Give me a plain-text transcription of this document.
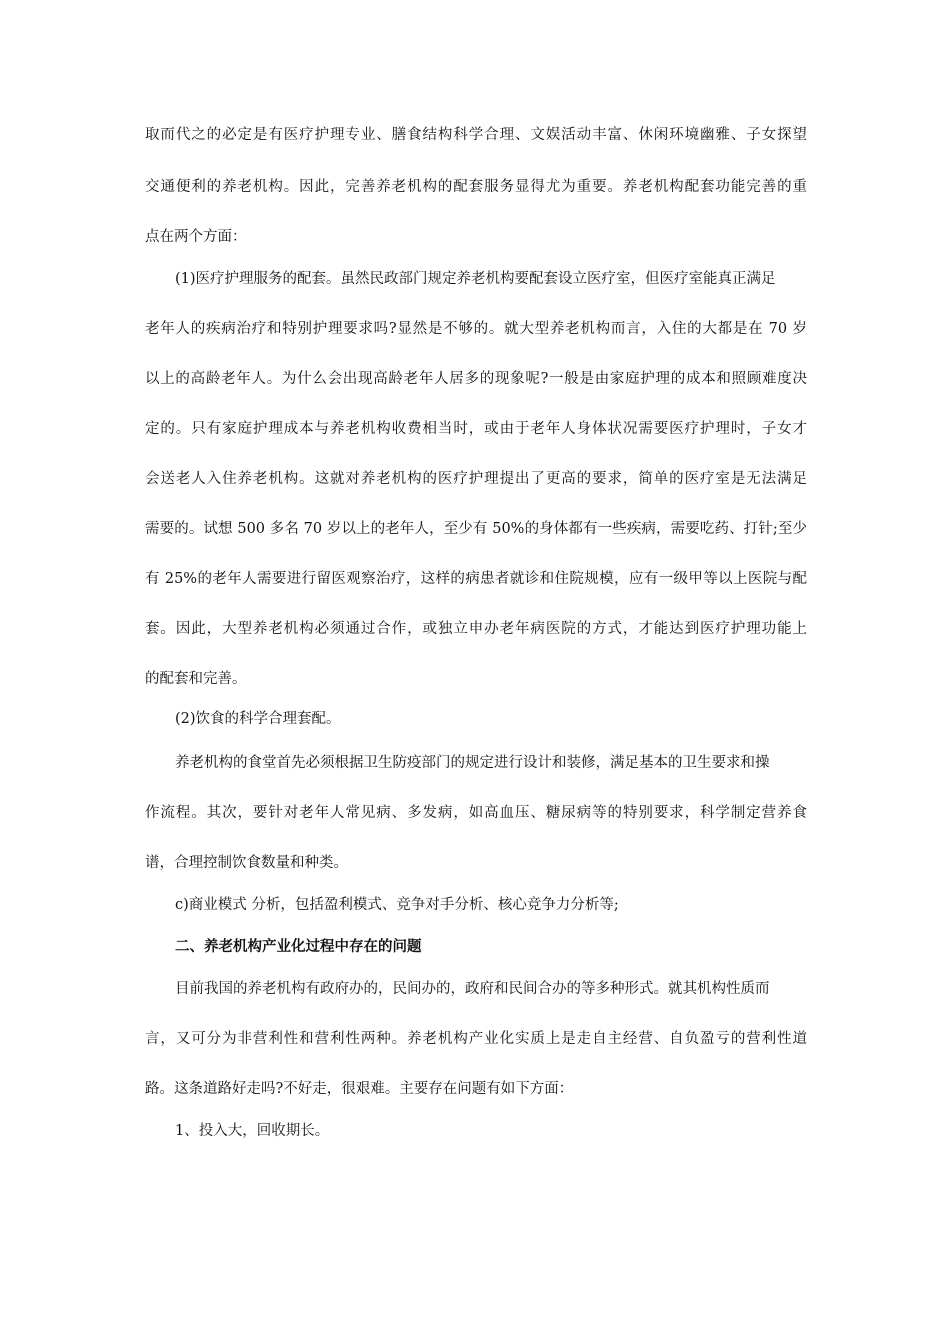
取而代之的必定是有医疗护理专业、膳食结构科学合理、文娱活动丰富、休闲环境幽雅、子女探望
交通便利的养老机构。因此，完善养老机构的配套服务显得尤为重要。养老机构配套功能完善的重
点在两个方面：
(1)医疗护理服务的配套。虽然民政部门规定养老机构要配套设立医疗室，但医疗室能真正满足
老年人的疾病治疗和特别护理要求吗?显然是不够的。就大型养老机构而言，入住的大都是在 70 岁
以上的高龄老年人。为什么会出现高龄老年人居多的现象呢?一般是由家庭护理的成本和照顾难度决
定的。只有家庭护理成本与养老机构收费相当时，或由于老年人身体状况需要医疗护理时，子女才
会送老人入住养老机构。这就对养老机构的医疗护理提出了更高的要求，简单的医疗室是无法满足
需要的。试想 500 多名 70 岁以上的老年人，至少有 50%的身体都有一些疾病，需要吃药、打针;至少
有 25%的老年人需要进行留医观察治疗，这样的病患者就诊和住院规模，应有一级甲等以上医院与配
套。因此，大型养老机构必须通过合作，或独立申办老年病医院的方式，才能达到医疗护理功能上
的配套和完善。
(2)饮食的科学合理套配。
养老机构的食堂首先必须根据卫生防疫部门的规定进行设计和装修，满足基本的卫生要求和操
作流程。其次，要针对老年人常见病、多发病，如高血压、糖尿病等的特别要求，科学制定营养食
谱，合理控制饮食数量和种类。
c)商业模式 分析，包括盈利模式、竞争对手分析、核心竞争力分析等;
二、养老机构产业化过程中存在的问题
目前我国的养老机构有政府办的，民间办的，政府和民间合办的等多种形式。就其机构性质而
言，又可分为非营利性和营利性两种。养老机构产业化实质上是走自主经营、自负盈亏的营利性道
路。这条道路好走吗?不好走，很艰难。主要存在问题有如下方面：
1、投入大，回收期长。
